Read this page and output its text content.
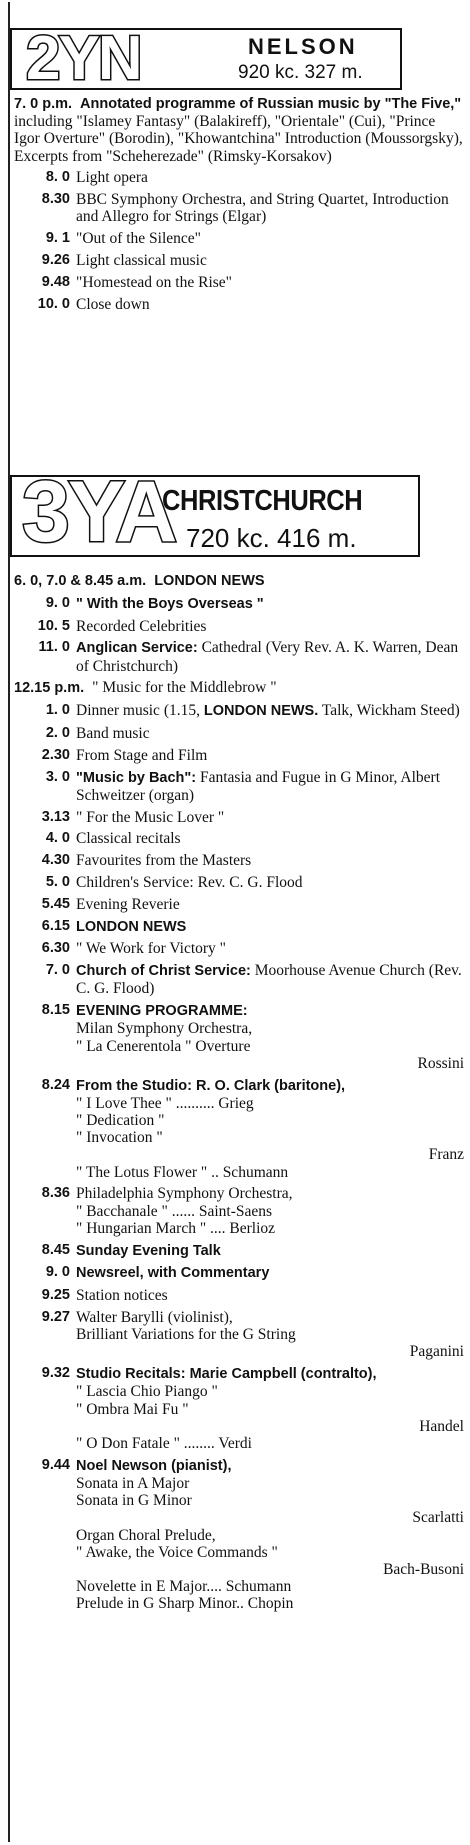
2YN	NELSON
920 kc. 327 m.
7. 0 p.m. Annotated programme of Russian music by "The Five," including "Islamey Fantasy" (Balakireff), "Orientale" (Cui), "Prince Igor Overture" (Borodin), "Khowantchina" Introduction (Moussorgsky), Excerpts from "Scheherezade" (Rimsky-Korsakov)
8. 0 Light opera
8.30 BBC Symphony Orchestra, and String Quartet, Introduction and Allegro for Strings (Elgar)
9. 1 "Out of the Silence"
9.26 Light classical music
9.48 "Homestead on the Rise"
10. 0 Close down
3YA
CHRISTCHURCH
720 kc. 416 m.
6. 0, 7.0 & 8.45 a.m. LONDON NEWS
9. 0 " With the Boys Overseas "
10. 5 Recorded Celebrities
11. 0 Anglican Service: Cathedral (Very Rev. A. K. Warren, Dean of Christchurch)
12.15 p.m. " Music for the Middlebrow "
1. 0 Dinner music (1.15, LONDON NEWS. Talk, Wickham Steed)
2. 0 Band music
2.30 From Stage and Film
3. 0 "Music by Bach": Fantasia and Fugue in G Minor, Albert Schweitzer (organ)
3.13 " For the Music Lover "
4. 0 Classical recitals
4.30 Favourites from the Masters
5. 0 Children's Service: Rev. C. G. Flood
5.45 Evening Reverie
6.15 LONDON NEWS
6.30 " We Work for Victory "
7. 0 Church of Christ Service: Moorhouse Avenue Church (Rev. C. G. Flood)
8.15 EVENING PROGRAMME:
Milan Symphony Orchestra,
" La Cenerentola " Overture
Rossini
8.24 From the Studio: R. O. Clark (baritone),
" I Love Thee " .......... Grieg
" Dedication "
" Invocation "
Franz
" The Lotus Flower " .. Schumann
8.36 Philadelphia Symphony Orchestra,
" Bacchanale " ...... Saint-Saens
" Hungarian March " .... Berlioz
8.45 Sunday Evening Talk
9. 0 Newsreel, with Commentary
9.25 Station notices
9.27 Walter Barylli (violinist),
Brilliant Variations for the G String
Paganini
9.32 Studio Recitals: Marie Campbell (contralto),
" Lascia Chio Piango "
" Ombra Mai Fu "
Handel
" O Don Fatale " ........ Verdi
9.44 Noel Newson (pianist),
Sonata in A Major
Sonata in G Minor
Scarlatti
Organ Choral Prelude,
" Awake, the Voice Commands "
Bach-Busoni
Novelette in E Major.... Schumann
Prelude in G Sharp Minor.. Chopin
